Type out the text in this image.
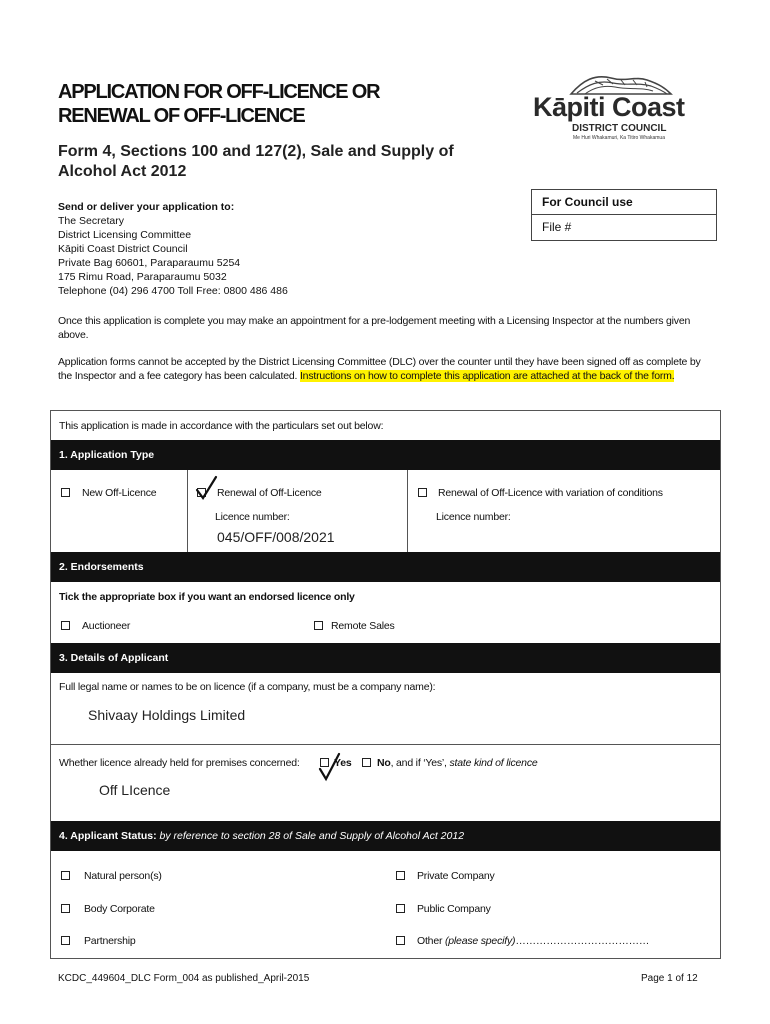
APPLICATION FOR OFF-LICENCE OR
RENEWAL OF OFF-LICENCE
Form 4, Sections 100 and 127(2), Sale and Supply of
Alcohol Act 2012
Kāpiti Coast
DISTRICT COUNCIL
Me Huri Whakamuri, Ka Titiro Whakamua
For Council use
File #
Send or deliver your application to:
The Secretary
District Licensing Committee
Kāpiti Coast District Council
Private Bag 60601, Paraparaumu 5254
175 Rimu Road, Paraparaumu 5032
Telephone (04) 296 4700 Toll Free: 0800 486 486
Once this application is complete you may make an appointment for a pre-lodgement meeting with a Licensing Inspector at the numbers given above.
Application forms cannot be accepted by the District Licensing Committee (DLC) over the counter until they have been signed off as complete by the Inspector and a fee category has been calculated. Instructions on how to complete this application are attached at the back of the form.
This application is made in accordance with the particulars set out below:
1. Application Type
New Off-Licence	Renewal of Off-Licence
Licence number:
045/OFF/008/2021
Renewal of Off-Licence with variation of conditions
Licence number:
2. Endorsements
Tick the appropriate box if you want an endorsed licence only
Auctioneer	Remote Sales
3. Details of Applicant
Full legal name or names to be on licence (if a company, must be a company name):
Shivaay Holdings Limited
Whether licence already held for premises concerned:	Yes No, and if ‘Yes’, state kind of licence
Off LIcence
4. Applicant Status: by reference to section 28 of Sale and Supply of Alcohol Act 2012
Natural person(s)	Private Company
Body Corporate	Public Company
Partnership	Other (please specify)…………………………………
KCDC_449604_DLC Form_004 as published_April-2015	Page 1 of 12
